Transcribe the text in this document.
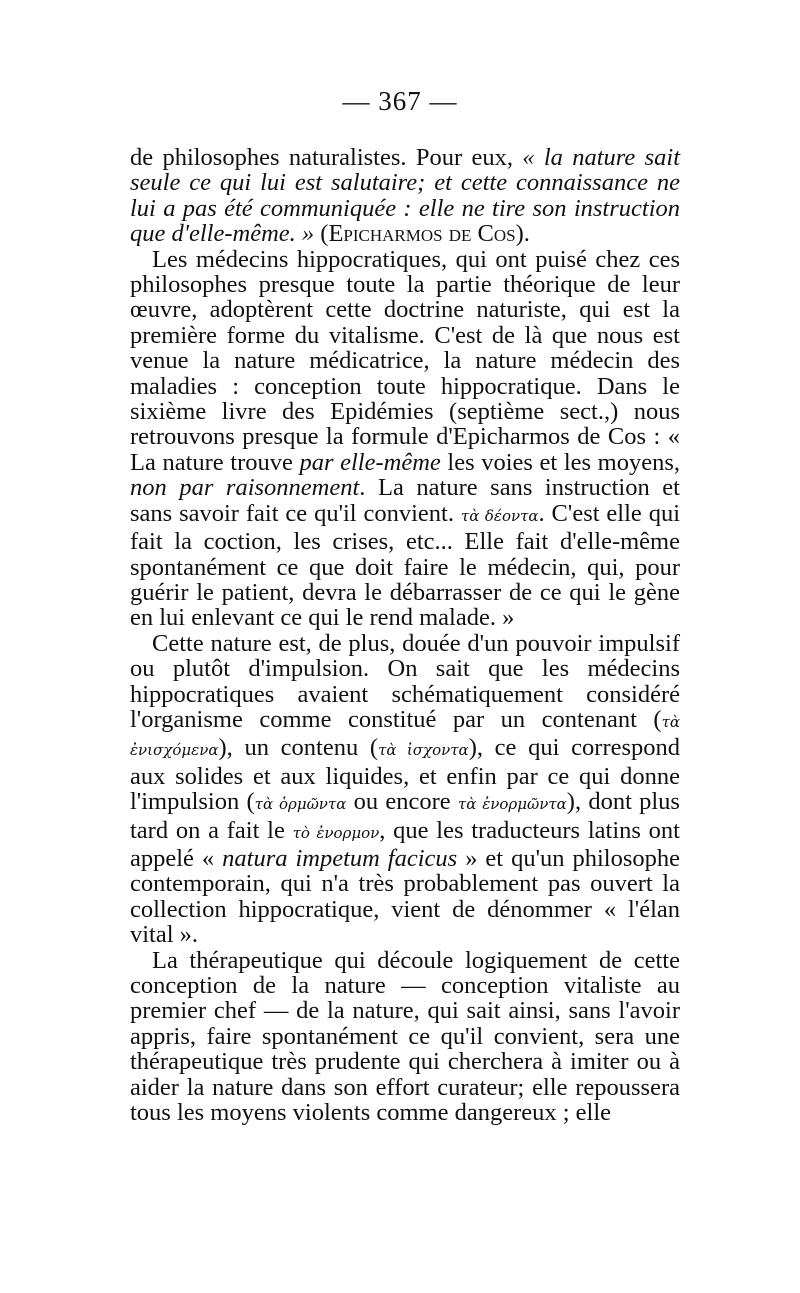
— 367 —

de philosophes naturalistes. Pour eux, « la nature sait seule ce qui lui est salutaire; et cette connaissance ne lui a pas été communiquée : elle ne tire son instruction que d'elle-même. » (Epicharmos de Cos).

Les médecins hippocratiques, qui ont puisé chez ces philosophes presque toute la partie théorique de leur œuvre, adoptèrent cette doctrine naturiste, qui est la première forme du vitalisme. C'est de là que nous est venue la nature médicatrice, la nature médecin des maladies : conception toute hippocratique. Dans le sixième livre des Epidémies (septième sect.,) nous retrouvons presque la formule d'Epicharmos de Cos : « La nature trouve par elle-même les voies et les moyens, non par raisonnement. La nature sans instruction et sans savoir fait ce qu'il convient. τὰ δέοντα. C'est elle qui fait la coction, les crises, etc... Elle fait d'elle-même spontanément ce que doit faire le médecin, qui, pour guérir le patient, devra le débarrasser de ce qui le gène en lui enlevant ce qui le rend malade. »

Cette nature est, de plus, douée d'un pouvoir impulsif ou plutôt d'impulsion. On sait que les médecins hippocratiques avaient schématiquement considéré l'organisme comme constitué par un contenant (τὰ ἐνισχόμενα), un contenu (τὰ ἰσχοντα), ce qui correspond aux solides et aux liquides, et enfin par ce qui donne l'impulsion (τὰ ὁρμῶντα ou encore τὰ ἐνορμῶντα), dont plus tard on a fait le τὸ ἐνορμον, que les traducteurs latins ont appelé « natura impetum facicus » et qu'un philosophe contemporain, qui n'a très probablement pas ouvert la collection hippocratique, vient de dénommer « l'élan vital ».

La thérapeutique qui découle logiquement de cette conception de la nature — conception vitaliste au premier chef — de la nature, qui sait ainsi, sans l'avoir appris, faire spontanément ce qu'il convient, sera une thérapeutique très prudente qui cherchera à imiter ou à aider la nature dans son effort curateur; elle repoussera tous les moyens violents comme dangereux ; elle
